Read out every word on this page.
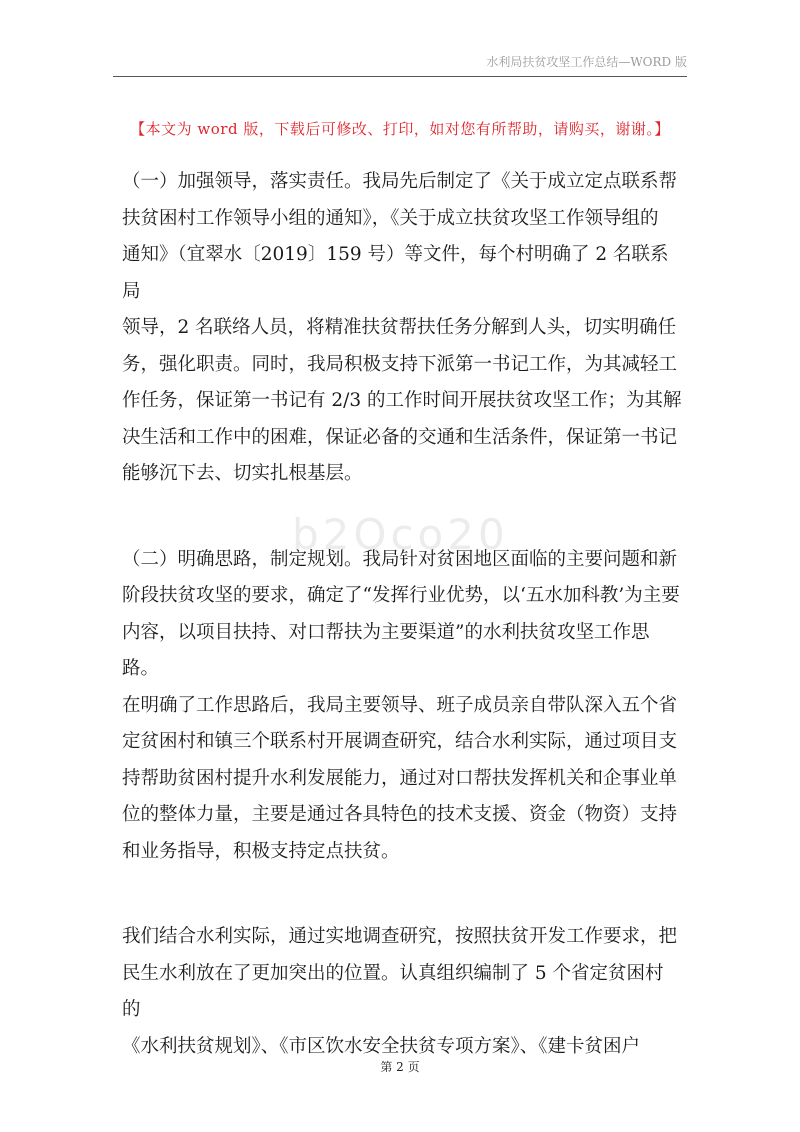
水利局扶贫攻坚工作总结—WORD 版
【本文为 word 版，下载后可修改、打印，如对您有所帮助，请购买，谢谢。】
b2Qco20

（一）加强领导，落实责任。我局先后制定了《关于成立定点联系帮
扶贫困村工作领导小组的通知》，《关于成立扶贫攻坚工作领导组的
通知》（宜翠水〔2019〕159 号）等文件，每个村明确了 2 名联系局
领导，2 名联络人员，将精准扶贫帮扶任务分解到人头，切实明确任
务，强化职责。同时，我局积极支持下派第一书记工作，为其减轻工
作任务，保证第一书记有 2/3 的工作时间开展扶贫攻坚工作；为其解
决生活和工作中的困难，保证必备的交通和生活条件，保证第一书记
能够沉下去、切实扎根基层。

（二）明确思路，制定规划。我局针对贫困地区面临的主要问题和新
阶段扶贫攻坚的要求，确定了“发挥行业优势，以‘五水加科教’为主要
内容，以项目扶持、对口帮扶为主要渠道”的水利扶贫攻坚工作思路。
在明确了工作思路后，我局主要领导、班子成员亲自带队深入五个省
定贫困村和镇三个联系村开展调查研究，结合水利实际，通过项目支
持帮助贫困村提升水利发展能力，通过对口帮扶发挥机关和企事业单
位的整体力量，主要是通过各具特色的技术支援、资金（物资）支持
和业务指导，积极支持定点扶贫。

我们结合水利实际，通过实地调查研究，按照扶贫开发工作要求，把
民生水利放在了更加突出的位置。认真组织编制了 5 个省定贫困村的
《水利扶贫规划》、《市区饮水安全扶贫专项方案》、《建卡贫困户

第 2 页
